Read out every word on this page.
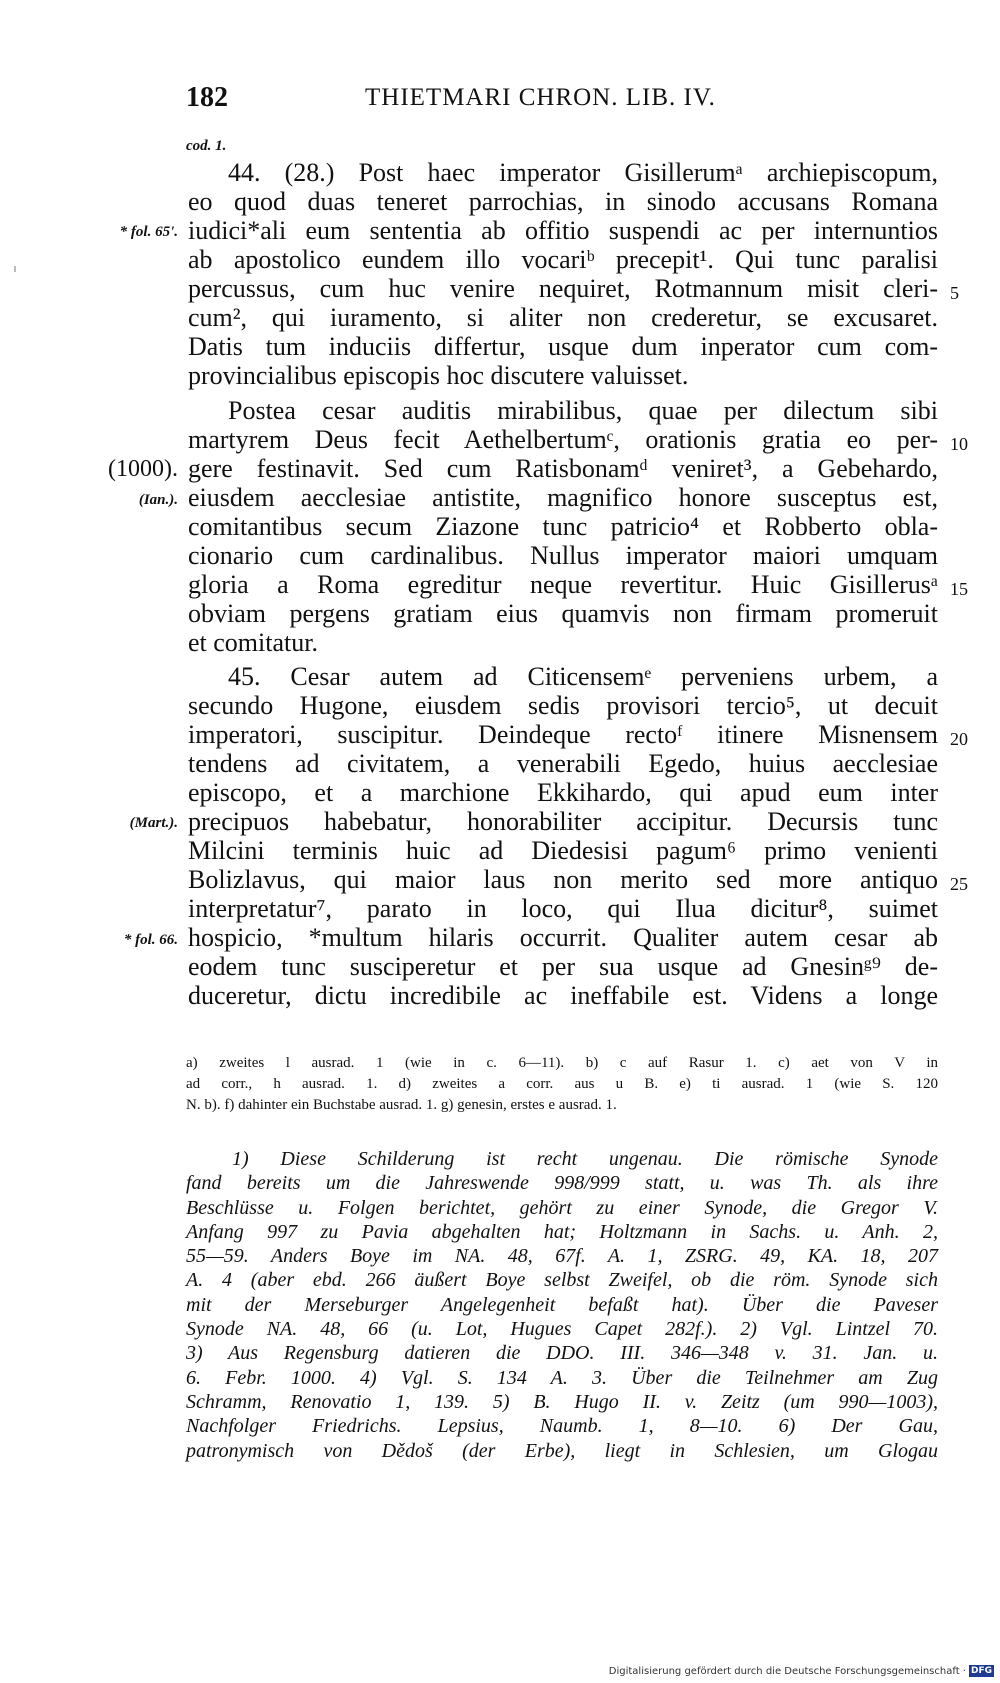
182	THIETMARI CHRON. LIB. IV.
cod. 1.
44. (28.) Post haec imperator Gisillerumᵃ archiepiscopum,
eo quod duas teneret parrochias, in sinodo accusans Romana
iudici*ali eum sententia ab offitio suspendi ac per internuntios
ab apostolico eundem illo vocariᵇ precepit¹. Qui tunc paralisi
percussus, cum huc venire nequiret, Rotmannum misit cleri-
cum², qui iuramento, si aliter non crederetur, se excusaret.
Datis tum induciis differtur, usque dum inperator cum com-
provincialibus episcopis hoc discutere valuisset.
Postea cesar auditis mirabilibus, quae per dilectum sibi
martyrem Deus fecit Aethelbertumᶜ, orationis gratia eo per-
gere festinavit. Sed cum Ratisbonamᵈ veniret³, a Gebehardo,
eiusdem aecclesiae antistite, magnifico honore susceptus est,
comitantibus secum Ziazone tunc patricio⁴ et Robberto obla-
cionario cum cardinalibus. Nullus imperator maiori umquam
gloria a Roma egreditur neque revertitur. Huic Gisillerusᵃ
obviam pergens gratiam eius quamvis non firmam promeruit
et comitatur.
45. Cesar autem ad Citicensemᵉ perveniens urbem, a
secundo Hugone, eiusdem sedis provisori tercio⁵, ut decuit
imperatori, suscipitur. Deindeque rectoᶠ itinere Misnensem
tendens ad civitatem, a venerabili Egedo, huius aecclesiae
episcopo, et a marchione Ekkihardo, qui apud eum inter
precipuos habebatur, honorabiliter accipitur. Decursis tunc
Milcini terminis huic ad Diedesisi pagum⁶ primo venienti
Bolizlavus, qui maior laus non merito sed more antiquo
interpretatur⁷, parato in loco, qui Ilua dicitur⁸, suimet
hospicio, *multum hilaris occurrit. Qualiter autem cesar ab
eodem tunc susciperetur et per sua usque ad Gnesinᵍ⁹ de-
duceretur, dictu incredibile ac ineffabile est. Videns a longe
* fol. 65'.
(1000).
(Ian.).
(Mart.).
* fol. 66.
5
10
15
20
25
a) zweites l ausrad. 1 (wie in c. 6—11). b) c auf Rasur 1. c) aet von V in
ad corr., h ausrad. 1. d) zweites a corr. aus u B. e) ti ausrad. 1 (wie S. 120
N. b). f) dahinter ein Buchstabe ausrad. 1. g) genesin, erstes e ausrad. 1.
1) Diese Schilderung ist recht ungenau. Die römische Synode
fand bereits um die Jahreswende 998/999 statt, u. was Th. als ihre
Beschlüsse u. Folgen berichtet, gehört zu einer Synode, die Gregor V.
Anfang 997 zu Pavia abgehalten hat; Holtzmann in Sachs. u. Anh. 2,
55—59. Anders Boye im NA. 48, 67f. A. 1, ZSRG. 49, KA. 18, 207
A. 4 (aber ebd. 266 äußert Boye selbst Zweifel, ob die röm. Synode sich
mit der Merseburger Angelegenheit befaßt hat). Über die Paveser
Synode NA. 48, 66 (u. Lot, Hugues Capet 282f.). 2) Vgl. Lintzel 70.
3) Aus Regensburg datieren die DDO. III. 346—348 v. 31. Jan. u.
6. Febr. 1000. 4) Vgl. S. 134 A. 3. Über die Teilnehmer am Zug
Schramm, Renovatio 1, 139. 5) B. Hugo II. v. Zeitz (um 990—1003),
Nachfolger Friedrichs. Lepsius, Naumb. 1, 8—10. 6) Der Gau,
patronymisch von Dědoš (der Erbe), liegt in Schlesien, um Glogau
Digitalisierung gefördert durch die Deutsche Forschungsgemeinschaft · DFG
